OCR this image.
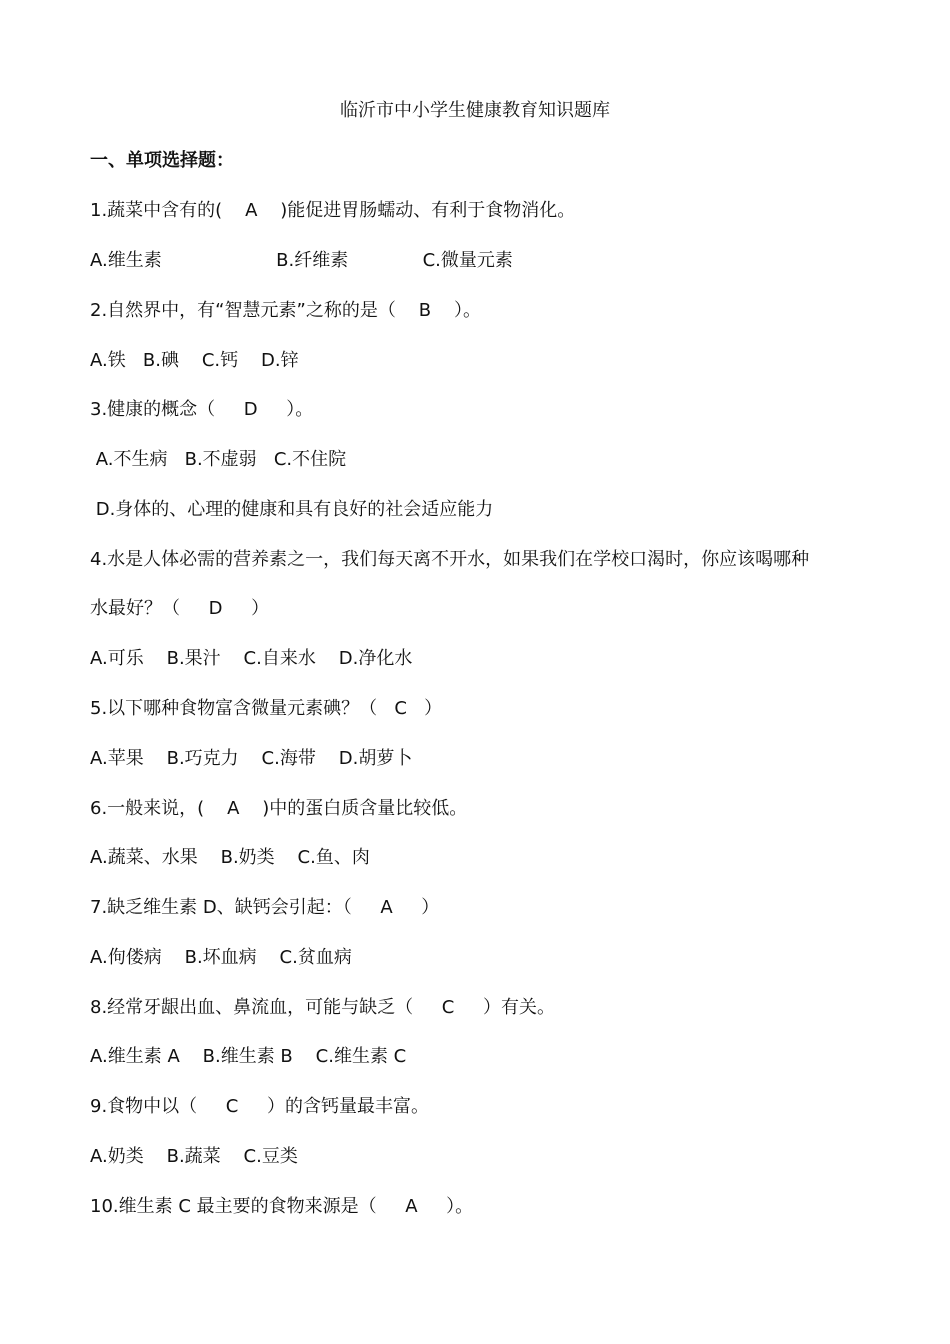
临沂市中小学生健康教育知识题库
一、单项选择题：
1.蔬菜中含有的(    A    )能促进胃肠蠕动、有利于食物消化。
A.维生素                    B.纤维素             C.微量元素
2.自然界中，有“智慧元素”之称的是（    B    ）。
A.铁   B.碘    C.钙    D.锌
3.健康的概念（     D     ）。
A.不生病   B.不虚弱   C.不住院
D.身体的、心理的健康和具有良好的社会适应能力
4.水是人体必需的营养素之一，我们每天离不开水，如果我们在学校口渴时，你应该喝哪种
水最好？（     D     ）
A.可乐    B.果汁    C.自来水    D.净化水
5.以下哪种食物富含微量元素碘？（   C   ）
A.苹果    B.巧克力    C.海带    D.胡萝卜
6.一般来说，(    A    )中的蛋白质含量比较低。
A.蔬菜、水果    B.奶类    C.鱼、肉
7.缺乏维生素 D、缺钙会引起：（     A     ）
A.佝偻病    B.坏血病    C.贫血病
8.经常牙龈出血、鼻流血，可能与缺乏（     C     ）有关。
A.维生素 A    B.维生素 B    C.维生素 C
9.食物中以（     C     ）的含钙量最丰富。
A.奶类    B.蔬菜    C.豆类
10.维生素 C 最主要的食物来源是（     A     ）。
